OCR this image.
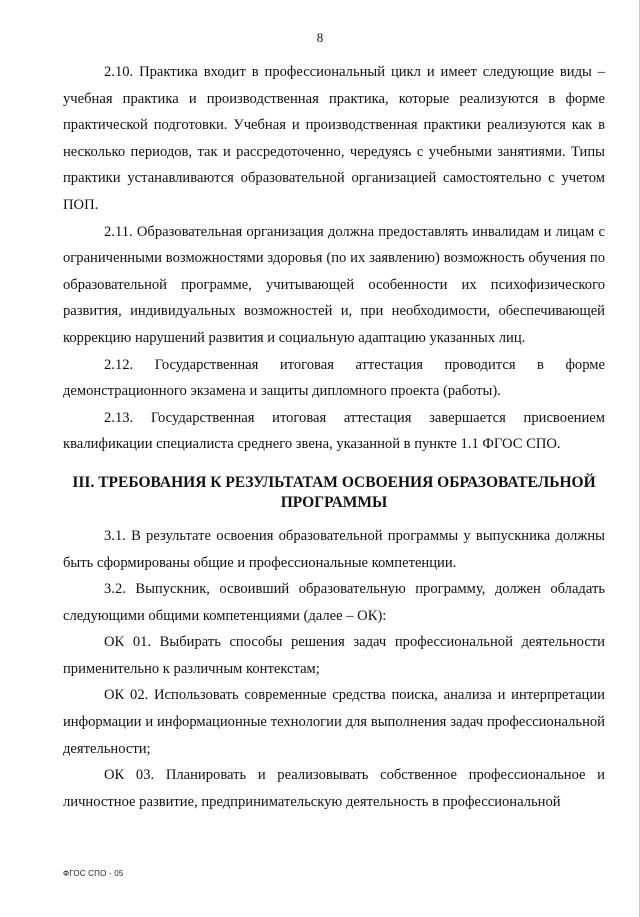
8

2.10. Практика входит в профессиональный цикл и имеет следующие виды – учебная практика и производственная практика, которые реализуются в форме практической подготовки. Учебная и производственная практики реализуются как в несколько периодов, так и рассредоточенно, чередуясь с учебными занятиями. Типы практики устанавливаются образовательной организацией самостоятельно с учетом ПОП.

2.11. Образовательная организация должна предоставлять инвалидам и лицам с ограниченными возможностями здоровья (по их заявлению) возможность обучения по образовательной программе, учитывающей особенности их психофизического развития, индивидуальных возможностей и, при необходимости, обеспечивающей коррекцию нарушений развития и социальную адаптацию указанных лиц.

2.12. Государственная итоговая аттестация проводится в форме демонстрационного экзамена и защиты дипломного проекта (работы).

2.13. Государственная итоговая аттестация завершается присвоением квалификации специалиста среднего звена, указанной в пункте 1.1 ФГОС СПО.

III. ТРЕБОВАНИЯ К РЕЗУЛЬТАТАМ ОСВОЕНИЯ ОБРАЗОВАТЕЛЬНОЙ
ПРОГРАММЫ

3.1. В результате освоения образовательной программы у выпускника должны быть сформированы общие и профессиональные компетенции.

3.2. Выпускник, освоивший образовательную программу, должен обладать следующими общими компетенциями (далее – ОК):

ОК 01. Выбирать способы решения задач профессиональной деятельности применительно к различным контекстам;

ОК 02. Использовать современные средства поиска, анализа и интерпретации информации и информационные технологии для выполнения задач профессиональной деятельности;

ОК 03. Планировать и реализовывать собственное профессиональное и личностное развитие, предпринимательскую деятельность в профессиональной

ФГОС СПО - 05
